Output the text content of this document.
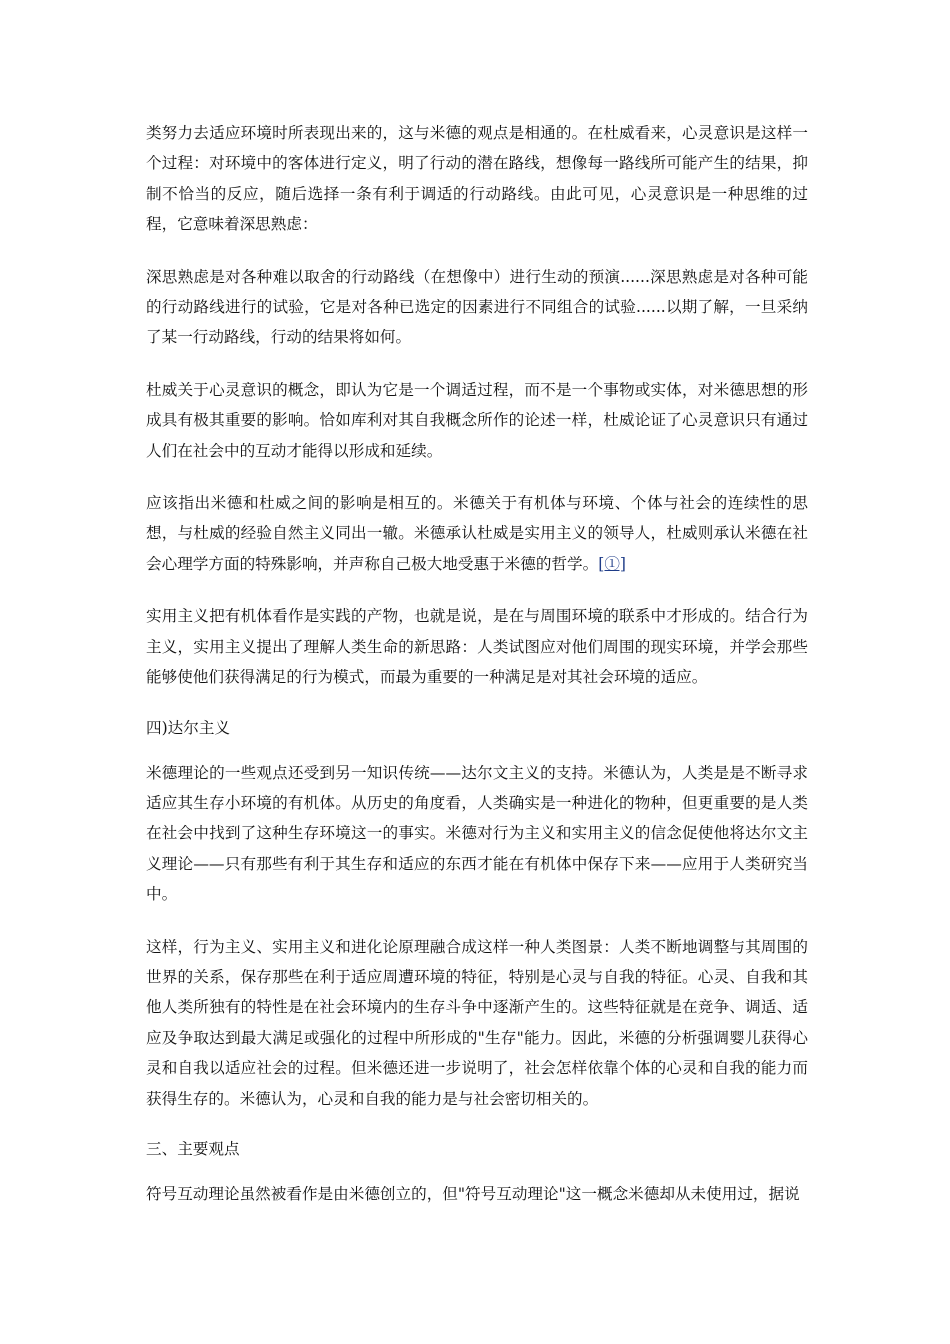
类努力去适应环境时所表现出来的，这与米德的观点是相通的。在杜威看来，心灵意识是这样一个过程：对环境中的客体进行定义，明了行动的潜在路线，想像每一路线所可能产生的结果，抑制不恰当的反应，随后选择一条有利于调适的行动路线。由此可见，心灵意识是一种思维的过程，它意味着深思熟虑：

深思熟虑是对各种难以取舍的行动路线（在想像中）进行生动的预演......深思熟虑是对各种可能的行动路线进行的试验，它是对各种已选定的因素进行不同组合的试验......以期了解，一旦采纳了某一行动路线，行动的结果将如何。

杜威关于心灵意识的概念，即认为它是一个调适过程，而不是一个事物或实体，对米德思想的形成具有极其重要的影响。恰如库利对其自我概念所作的论述一样，杜威论证了心灵意识只有通过人们在社会中的互动才能得以形成和延续。

应该指出米德和杜威之间的影响是相互的。米德关于有机体与环境、个体与社会的连续性的思想，与杜威的经验自然主义同出一辙。米德承认杜威是实用主义的领导人，杜威则承认米德在社会心理学方面的特殊影响，并声称自己极大地受惠于米德的哲学。[①]

实用主义把有机体看作是实践的产物，也就是说，是在与周围环境的联系中才形成的。结合行为主义，实用主义提出了理解人类生命的新思路：人类试图应对他们周围的现实环境，并学会那些能够使他们获得满足的行为模式，而最为重要的一种满足是对其社会环境的适应。

四)达尔主义

米德理论的一些观点还受到另一知识传统——达尔文主义的支持。米德认为，人类是是不断寻求适应其生存小环境的有机体。从历史的角度看，人类确实是一种进化的物种，但更重要的是人类在社会中找到了这种生存环境这一的事实。米德对行为主义和实用主义的信念促使他将达尔文主义理论——只有那些有利于其生存和适应的东西才能在有机体中保存下来——应用于人类研究当中。

这样，行为主义、实用主义和进化论原理融合成这样一种人类图景：人类不断地调整与其周围的世界的关系，保存那些在利于适应周遭环境的特征，特别是心灵与自我的特征。心灵、自我和其他人类所独有的特性是在社会环境内的生存斗争中逐渐产生的。这些特征就是在竞争、调适、适应及争取达到最大满足或强化的过程中所形成的"生存"能力。因此，米德的分析强调婴儿获得心灵和自我以适应社会的过程。但米德还进一步说明了，社会怎样依靠个体的心灵和自我的能力而获得生存的。米德认为，心灵和自我的能力是与社会密切相关的。

三、主要观点

符号互动理论虽然被看作是由米德创立的，但"符号互动理论"这一概念米德却从未使用过，据说
